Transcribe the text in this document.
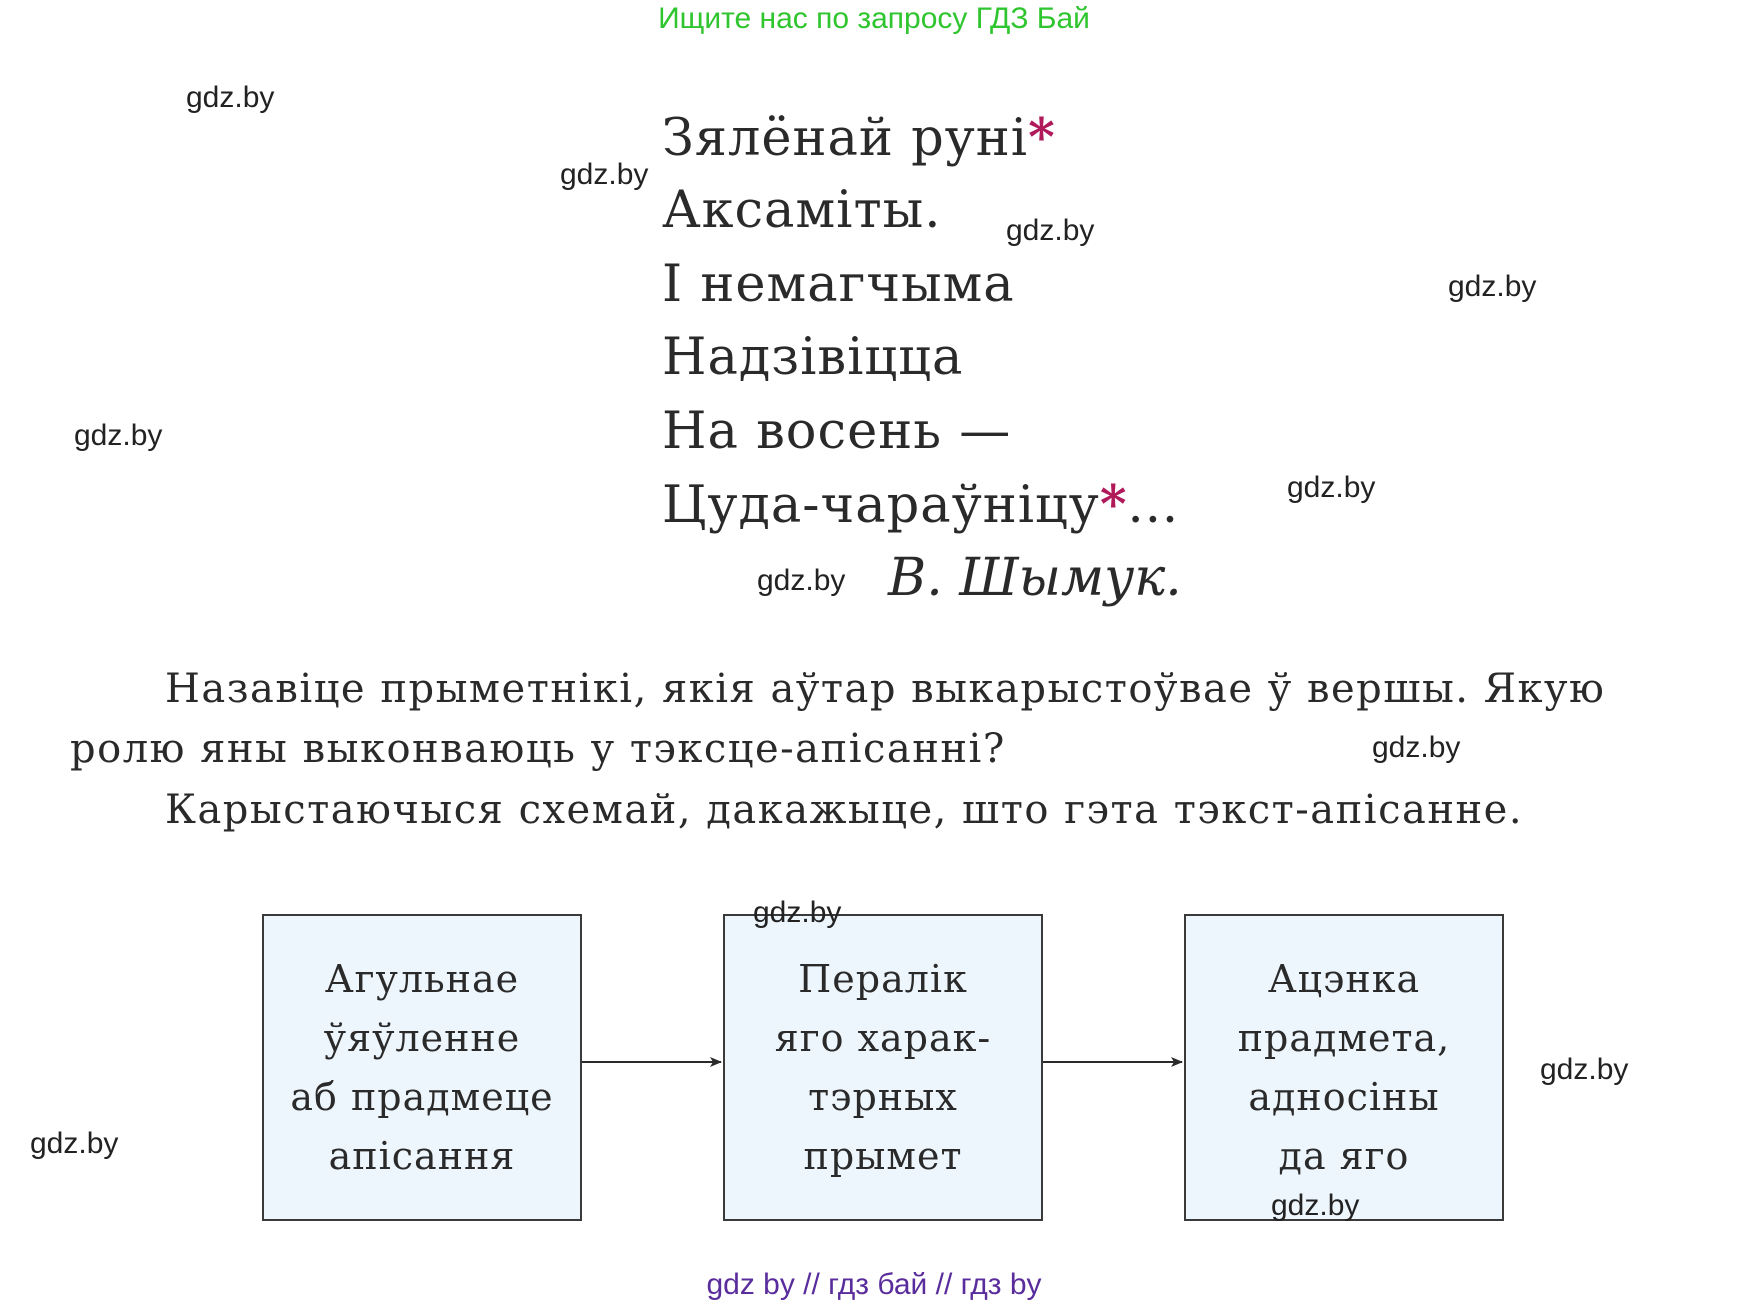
Ищите нас по запросу ГДЗ Бай
Зялёнай руні*
Аксаміты.
І немагчыма
Надзівіцца
На восень —
Цуда-чараўніцу*...
В. Шымук.
Назавіце прыметнікі, якія аўтар выкарыстоўвае ў вершы. Якую
ролю яны выконваюць у тэксце-апісанні?
Карыстаючыся схемай, дакажыце, што гэта тэкст-апісанне.
Агульнае
ўяўленне
аб прадмеце
апісання
Пералік
яго харак-
тэрных
прымет
Ацэнка
прадмета,
адносіны
да яго
gdz.by
gdz.by
gdz.by
gdz.by
gdz.by
gdz.by
gdz.by
gdz.by
gdz.by
gdz.by
gdz.by
gdz.by
gdz by // гдз бай // гдз by
